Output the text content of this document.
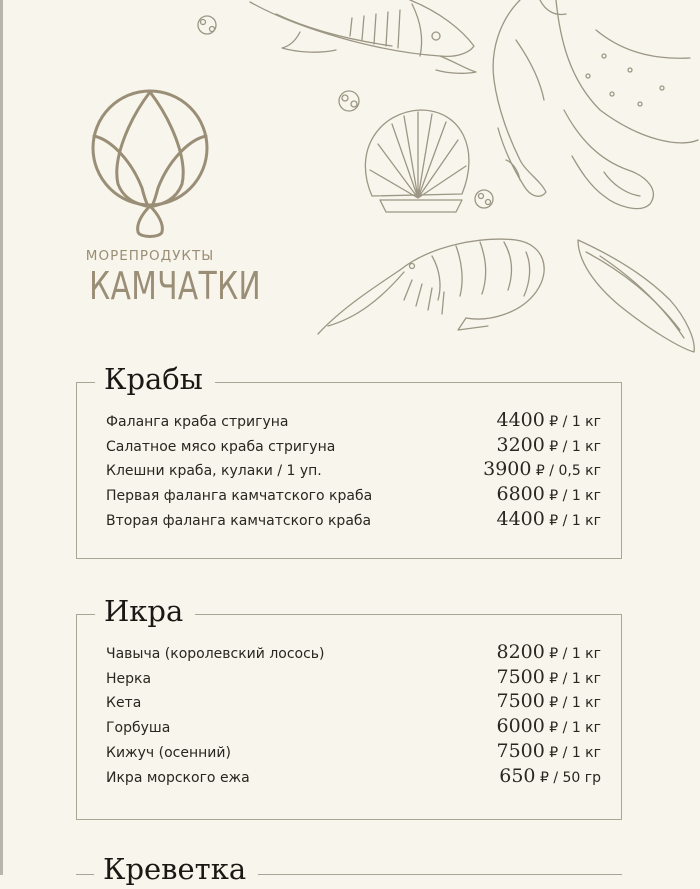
МОРЕПРОДУКТЫ
КАМЧАТКИ
Крабы
Фаланга краба стригуна	4400 ₽ / 1 кг
Салатное мясо краба стригуна	3200 ₽ / 1 кг
Клешни краба, кулаки / 1 уп.	3900 ₽ / 0,5 кг
Первая фаланга камчатского краба	6800 ₽ / 1 кг
Вторая фаланга камчатского краба	4400 ₽ / 1 кг
Икра
Чавыча (королевский лосось)	8200 ₽ / 1 кг
Нерка	7500 ₽ / 1 кг
Кета	7500 ₽ / 1 кг
Горбуша	6000 ₽ / 1 кг
Кижуч (осенний)	7500 ₽ / 1 кг
Икра морского ежа	650 ₽ / 50 гр
Креветка
